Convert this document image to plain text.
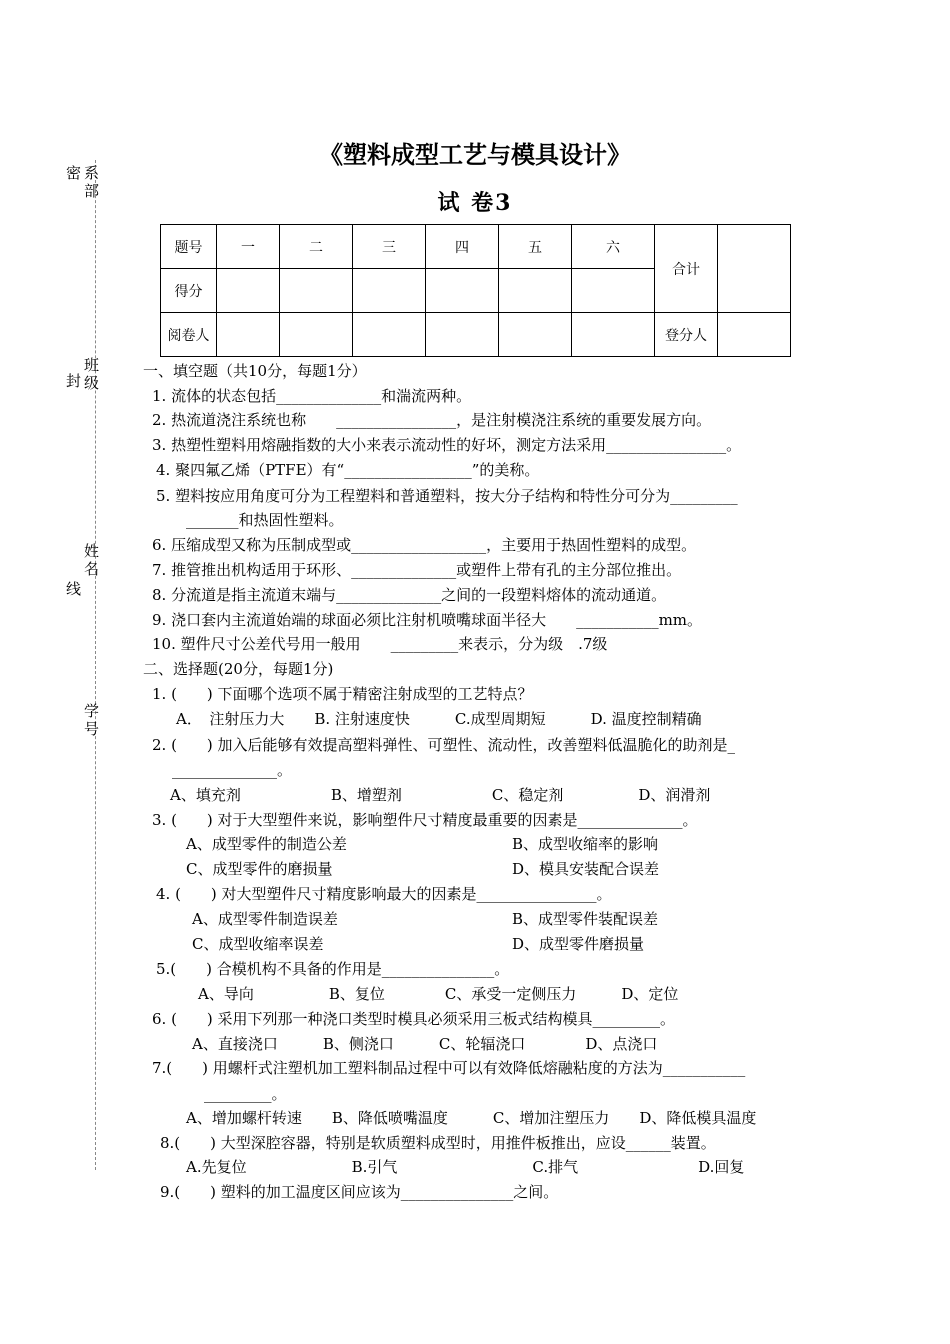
《塑料成型工艺与模具设计》
试 卷3
密 系部
封
班级
姓名
线
学号
题号	一	二	三	四	五	六	合计	
得分								
阅卷人							登分人	
一、填空题（共10分，每题1分）
1. 流体的状态包括______________和湍流两种。
2. 热流道浇注系统也称　　________________，是注射模浇注系统的重要发展方向。
3. 热塑性塑料用熔融指数的大小来表示流动性的好坏，测定方法采用________________。
4. 聚四氟乙烯（PTFE）有“_________________”的美称。
5. 塑料按应用角度可分为工程塑料和普通塑料，按大分子结构和特性分可分为_________
_______和热固性塑料。
6. 压缩成型又称为压制成型或__________________，主要用于热固性塑料的成型。
7. 推管推出机构适用于环形、______________或塑件上带有孔的主分部位推出。
8. 分流道是指主流道末端与______________之间的一段塑料熔体的流动通道。
9. 浇口套内主流道始端的球面必须比注射机喷嘴球面半径大　　___________mm。
10. 塑件尺寸公差代号用一般用　　_________来表示，分为级　.7级
二、选择题(20分，每题1分)
1. (　　) 下面哪个选项不属于精密注射成型的工艺特点？
A．　注射压力大　　B. 注射速度快　　　C.成型周期短　　　D. 温度控制精确
2. (　　) 加入后能够有效提高塑料弹性、可塑性、流动性，改善塑料低温脆化的助剂是_
______________。
A、填充剂　　　　　　B、增塑剂　　　　　　C、稳定剂　　　　　D、润滑剂
3. (　　) 对于大型塑件来说，影响塑件尺寸精度最重要的因素是______________。
A、成型零件的制造公差	B、成型收缩率的影响
C、成型零件的磨损量	D、模具安装配合误差
4. (　　) 对大型塑件尺寸精度影响最大的因素是________________。
A、成型零件制造误差	B、成型零件装配误差
C、成型收缩率误差	D、成型零件磨损量
5.(　　) 合模机构不具备的作用是_______________。
A、导向　　　　　B、复位　　　　C、承受一定侧压力　　　D、定位
6. (　　) 采用下列那一种浇口类型时模具必须采用三板式结构模具_________。
A、直接浇口　　　B、侧浇口　　　C、轮辐浇口　　　　D、点浇口
7.(　　) 用螺杆式注塑机加工塑料制品过程中可以有效降低熔融粘度的方法为___________
_________。
A、增加螺杆转速　　B、降低喷嘴温度　　　C、增加注塑压力　　D、降低模具温度
8.(　　) 大型深腔容器，特别是软质塑料成型时，用推件板推出，应设______装置。
A.先复位　　　　　　　B.引气　　　　　　　　　C.排气　　　　　　　　D.回复
9.(　　) 塑料的加工温度区间应该为_______________之间。
